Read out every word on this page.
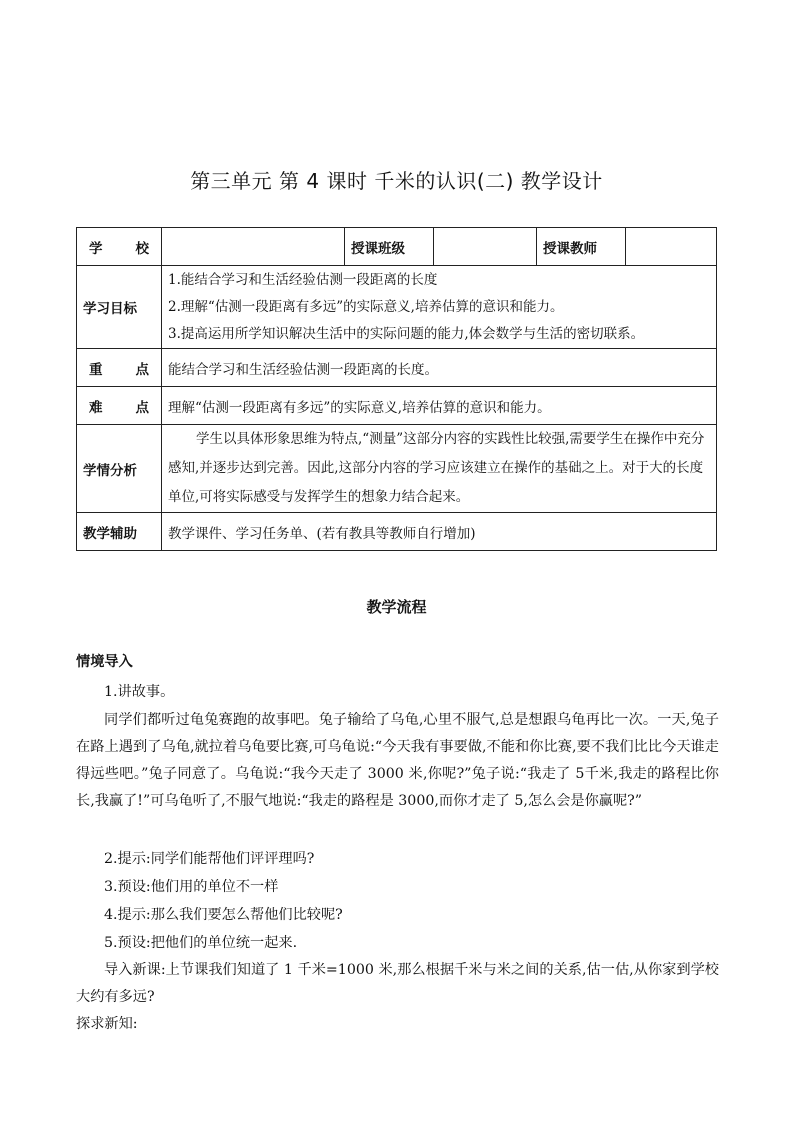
第三单元 第 4 课时 千米的认识(二) 教学设计
学 校		授课班级		授课教师	
学习目标	1.能结合学习和生活经验估测一段距离的长度
2.理解“估测一段距离有多远”的实际意义,培养估算的意识和能力。
3.提高运用所学知识解决生活中的实际问题的能力,体会数学与生活的密切联系。				

重 点	能结合学习和生活经验估测一段距离的长度。				

难 点	理解“估测一段距离有多远”的实际意义,培养估算的意识和能力。				
学情分析	学生以具体形象思维为特点,“测量”这部分内容的实践性比较强,需要学生在操作中充分感知,并逐步达到完善。因此,这部分内容的学习应该建立在操作的基础之上。对于大的长度单位,可将实际感受与发挥学生的想象力结合起来。				

教学辅助	教学课件、学习任务单、(若有教具等教师自行增加)				
教学流程
情境导入
1.讲故事。
同学们都听过龟兔赛跑的故事吧。兔子输给了乌龟,心里不服气,总是想跟乌龟再比一次。一天,兔子在路上遇到了乌龟,就拉着乌龟要比赛,可乌龟说:“今天我有事要做,不能和你比赛,要不我们比比今天谁走得远些吧。”兔子同意了。乌龟说:“我今天走了 3000 米,你呢?”兔子说:“我走了 5千米,我走的路程比你长,我赢了!”可乌龟听了,不服气地说:“我走的路程是 3000,而你才走了 5,怎么会是你赢呢?”
2.提示:同学们能帮他们评评理吗?
3.预设:他们用的单位不一样
4.提示:那么我们要怎么帮他们比较呢?
5.预设:把他们的单位统一起来.
导入新课:上节课我们知道了 1 千米=1000 米,那么根据千米与米之间的关系,估一估,从你家到学校大约有多远?
探求新知:
